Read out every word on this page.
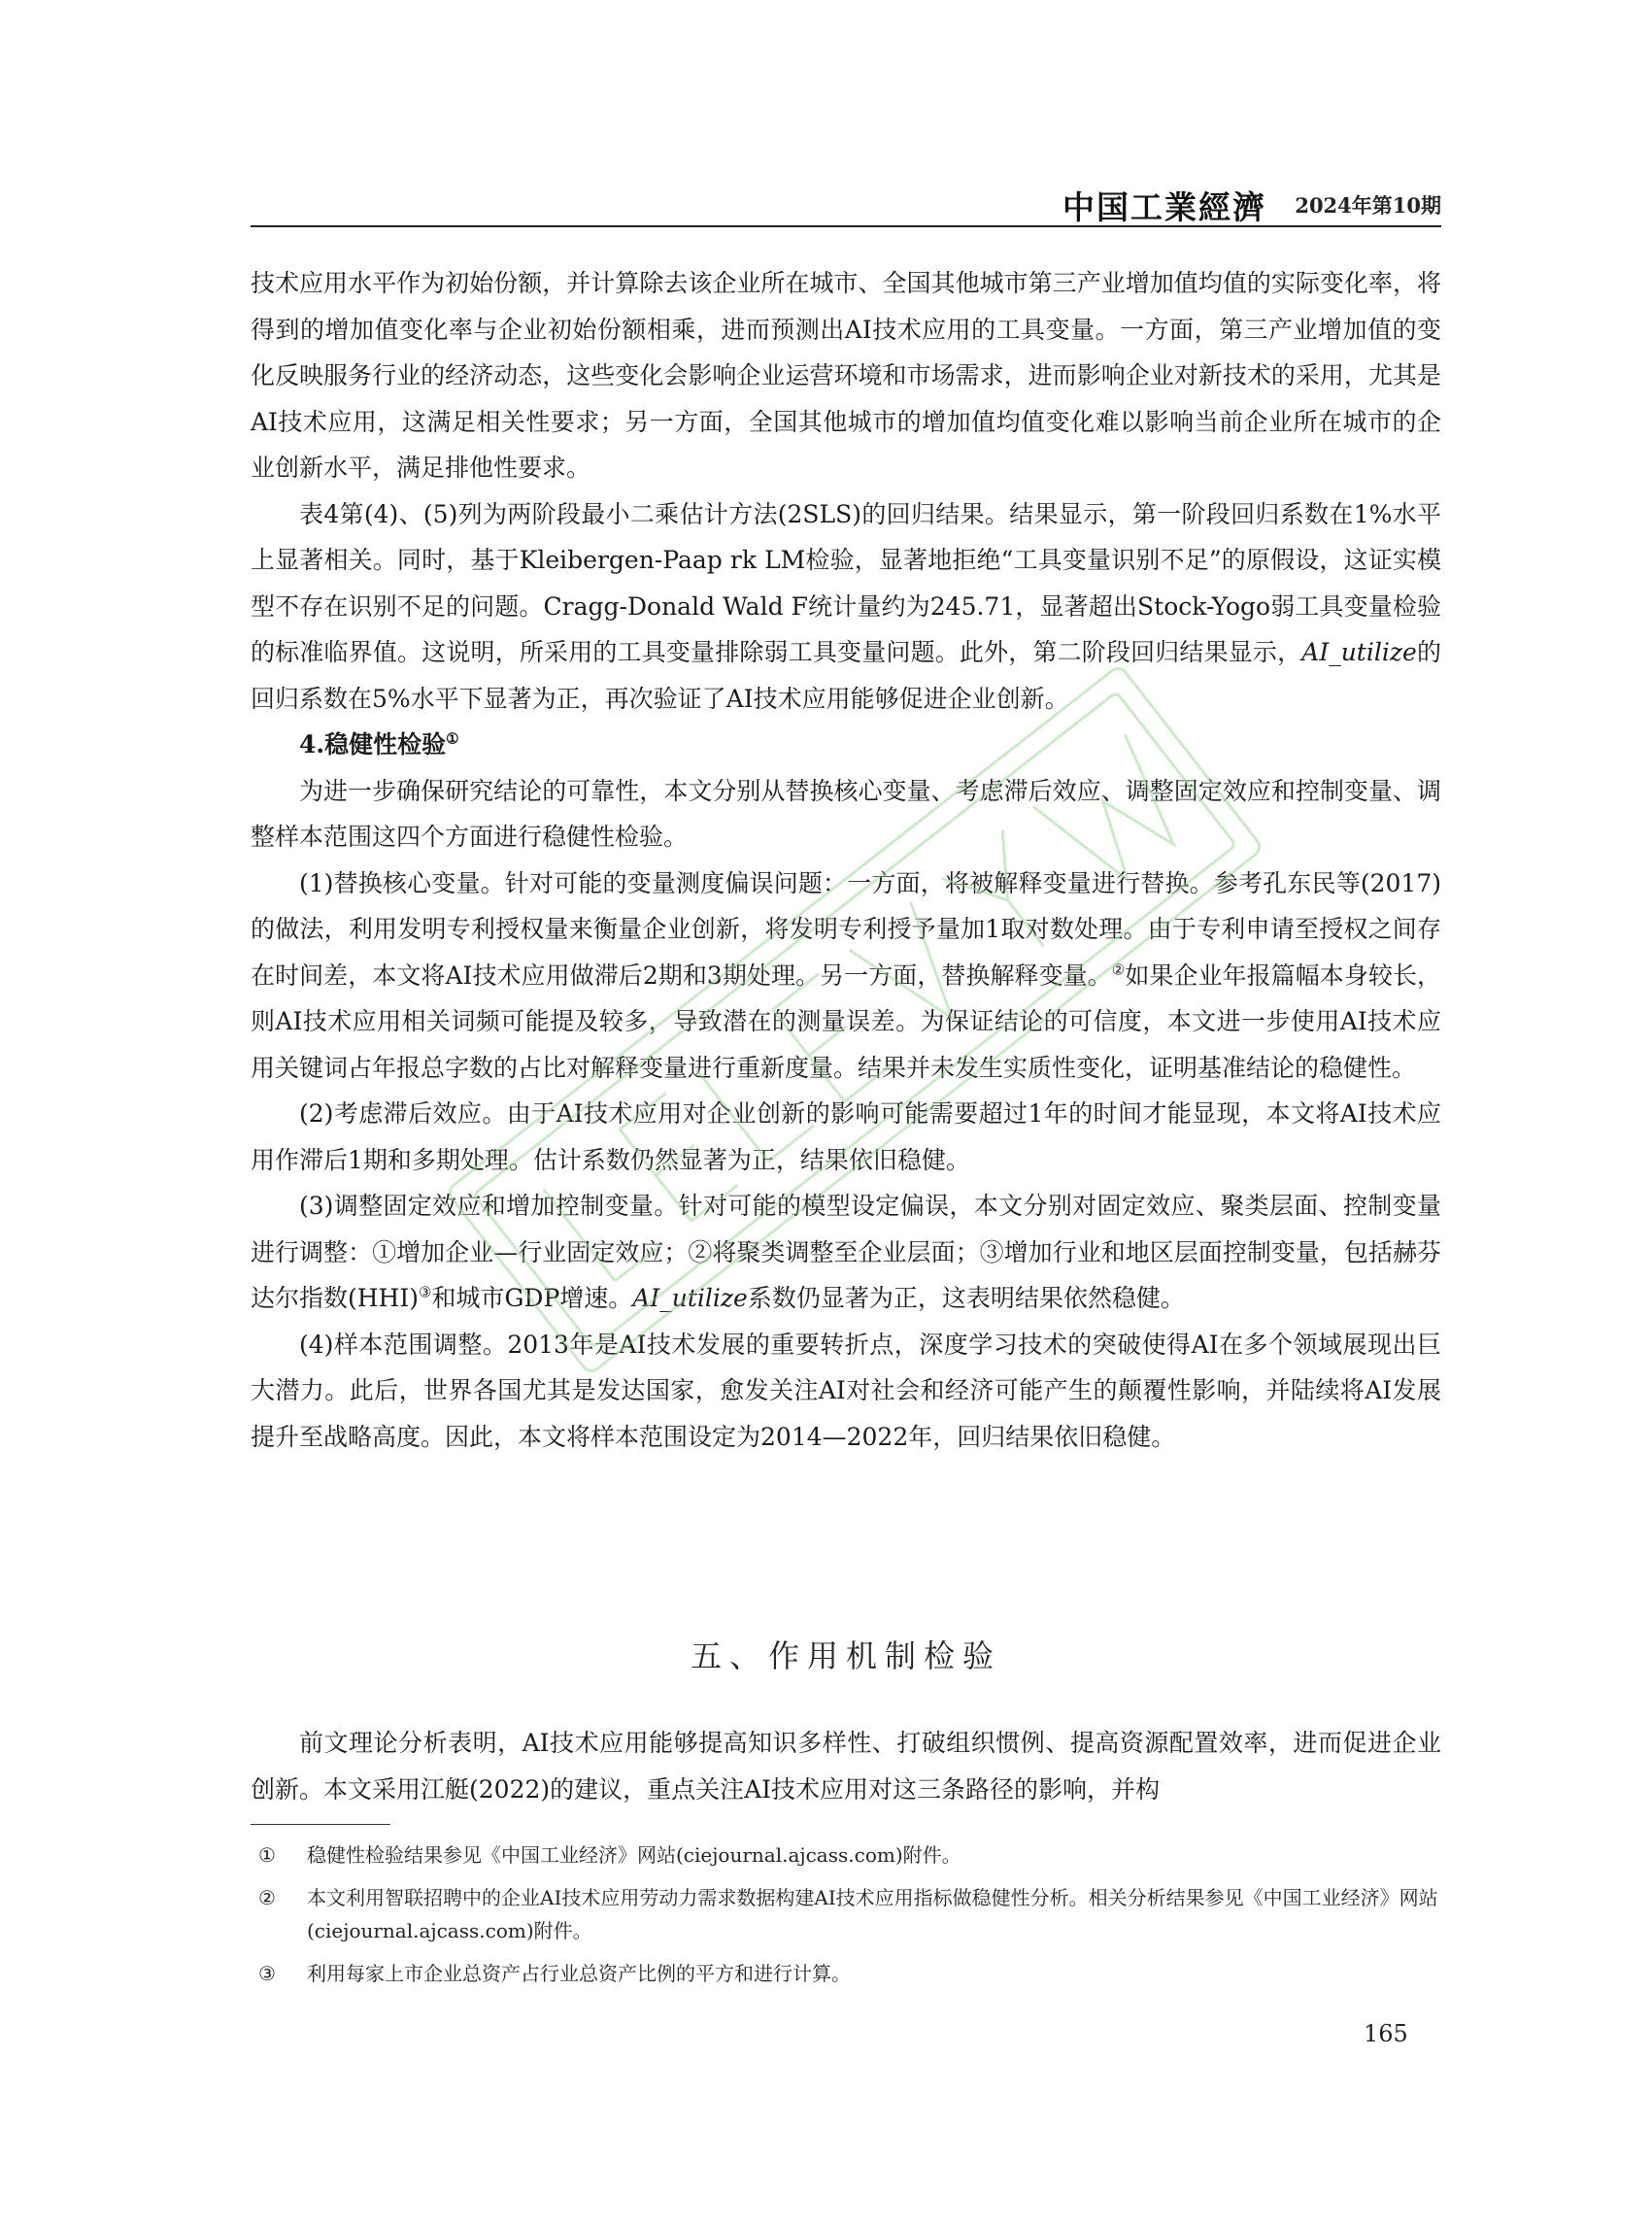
中国工業經濟 2024年第10期

技术应用水平作为初始份额，并计算除去该企业所在城市、全国其他城市第三产业增加值均值的实际变化率，将得到的增加值变化率与企业初始份额相乘，进而预测出AI技术应用的工具变量。一方面，第三产业增加值的变化反映服务行业的经济动态，这些变化会影响企业运营环境和市场需求，进而影响企业对新技术的采用，尤其是AI技术应用，这满足相关性要求；另一方面，全国其他城市的增加值均值变化难以影响当前企业所在城市的企业创新水平，满足排他性要求。

表4第(4)、(5)列为两阶段最小二乘估计方法(2SLS)的回归结果。结果显示，第一阶段回归系数在1%水平上显著相关。同时，基于Kleibergen-Paap rk LM检验，显著地拒绝“工具变量识别不足”的原假设，这证实模型不存在识别不足的问题。Cragg-Donald Wald F统计量约为245.71，显著超出Stock-Yogo弱工具变量检验的标准临界值。这说明，所采用的工具变量排除弱工具变量问题。此外，第二阶段回归结果显示，AI_utilize的回归系数在5%水平下显著为正，再次验证了AI技术应用能够促进企业创新。

4.稳健性检验①

为进一步确保研究结论的可靠性，本文分别从替换核心变量、考虑滞后效应、调整固定效应和控制变量、调整样本范围这四个方面进行稳健性检验。

(1)替换核心变量。针对可能的变量测度偏误问题：一方面，将被解释变量进行替换。参考孔东民等(2017)的做法，利用发明专利授权量来衡量企业创新，将发明专利授予量加1取对数处理。由于专利申请至授权之间存在时间差，本文将AI技术应用做滞后2期和3期处理。另一方面，替换解释变量。②如果企业年报篇幅本身较长，则AI技术应用相关词频可能提及较多，导致潜在的测量误差。为保证结论的可信度，本文进一步使用AI技术应用关键词占年报总字数的占比对解释变量进行重新度量。结果并未发生实质性变化，证明基准结论的稳健性。

(2)考虑滞后效应。由于AI技术应用对企业创新的影响可能需要超过1年的时间才能显现，本文将AI技术应用作滞后1期和多期处理。估计系数仍然显著为正，结果依旧稳健。

(3)调整固定效应和增加控制变量。针对可能的模型设定偏误，本文分别对固定效应、聚类层面、控制变量进行调整：①增加企业—行业固定效应；②将聚类调整至企业层面；③增加行业和地区层面控制变量，包括赫芬达尔指数(HHI)③和城市GDP增速。AI_utilize系数仍显著为正，这表明结果依然稳健。

(4)样本范围调整。2013年是AI技术发展的重要转折点，深度学习技术的突破使得AI在多个领域展现出巨大潜力。此后，世界各国尤其是发达国家，愈发关注AI对社会和经济可能产生的颠覆性影响，并陆续将AI发展提升至战略高度。因此，本文将样本范围设定为2014—2022年，回归结果依旧稳健。

五、作用机制检验

前文理论分析表明，AI技术应用能够提高知识多样性、打破组织惯例、提高资源配置效率，进而促进企业创新。本文采用江艇(2022)的建议，重点关注AI技术应用对这三条路径的影响，并构

① 稳健性检验结果参见《中国工业经济》网站(ciejournal.ajcass.com)附件。
② 本文利用智联招聘中的企业AI技术应用劳动力需求数据构建AI技术应用指标做稳健性分析。相关分析结果参见《中国工业经济》网站(ciejournal.ajcass.com)附件。
③ 利用每家上市企业总资产占行业总资产比例的平方和进行计算。
165
